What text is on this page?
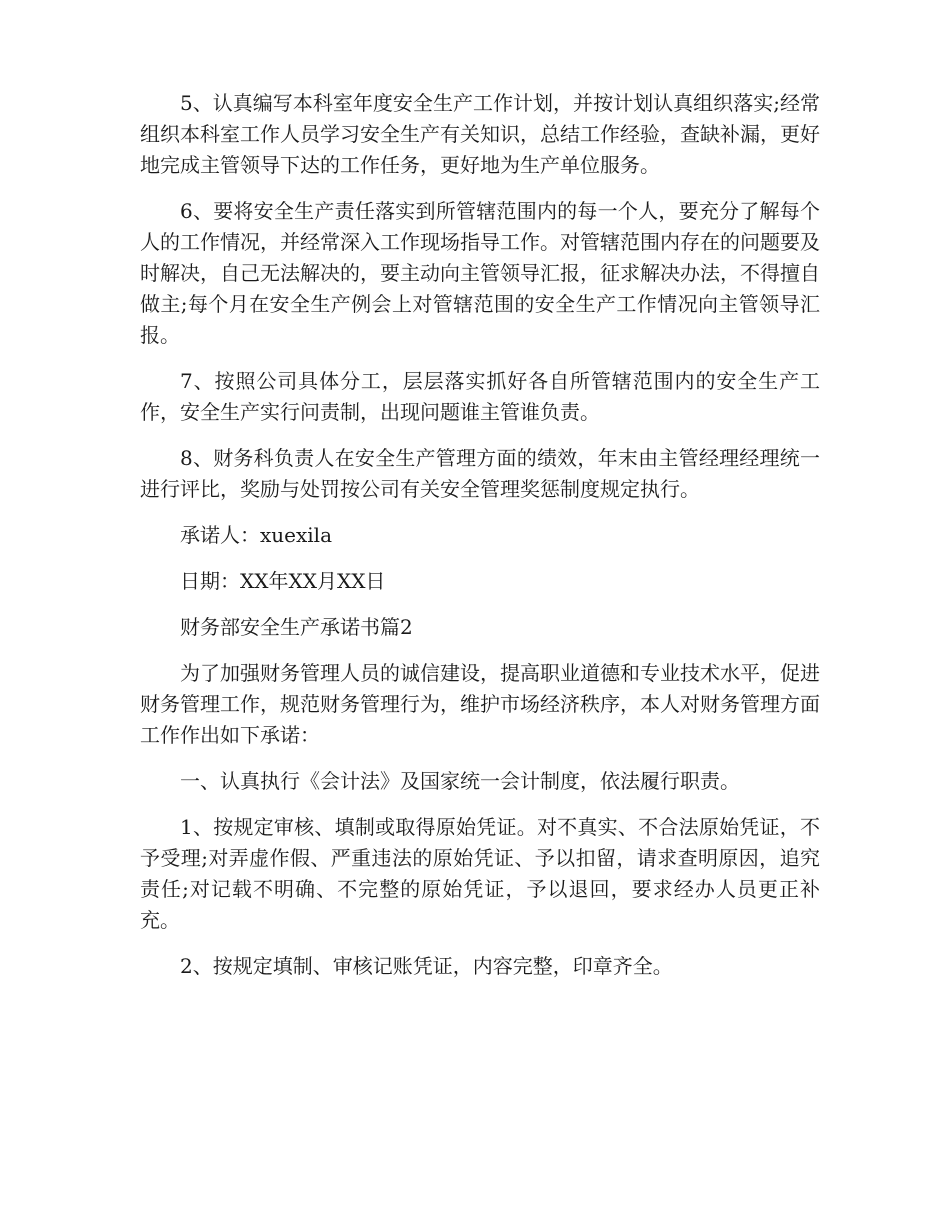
5、认真编写本科室年度安全生产工作计划，并按计划认真组织落实;经常组织本科室工作人员学习安全生产有关知识，总结工作经验，查缺补漏，更好地完成主管领导下达的工作任务，更好地为生产单位服务。

6、要将安全生产责任落实到所管辖范围内的每一个人，要充分了解每个人的工作情况，并经常深入工作现场指导工作。对管辖范围内存在的问题要及时解决，自己无法解决的，要主动向主管领导汇报，征求解决办法，不得擅自做主;每个月在安全生产例会上对管辖范围的安全生产工作情况向主管领导汇报。

7、按照公司具体分工，层层落实抓好各自所管辖范围内的安全生产工作，安全生产实行问责制，出现问题谁主管谁负责。

8、财务科负责人在安全生产管理方面的绩效，年末由主管经理经理统一进行评比，奖励与处罚按公司有关安全管理奖惩制度规定执行。

承诺人：xuexila

日期：XX年XX月XX日

财务部安全生产承诺书篇2

为了加强财务管理人员的诚信建设，提高职业道德和专业技术水平，促进财务管理工作，规范财务管理行为，维护市场经济秩序，本人对财务管理方面工作作出如下承诺：

一、认真执行《会计法》及国家统一会计制度，依法履行职责。

1、按规定审核、填制或取得原始凭证。对不真实、不合法原始凭证，不予受理;对弄虚作假、严重违法的原始凭证、予以扣留，请求查明原因，追究责任;对记载不明确、不完整的原始凭证，予以退回，要求经办人员更正补充。

2、按规定填制、审核记账凭证，内容完整，印章齐全。
